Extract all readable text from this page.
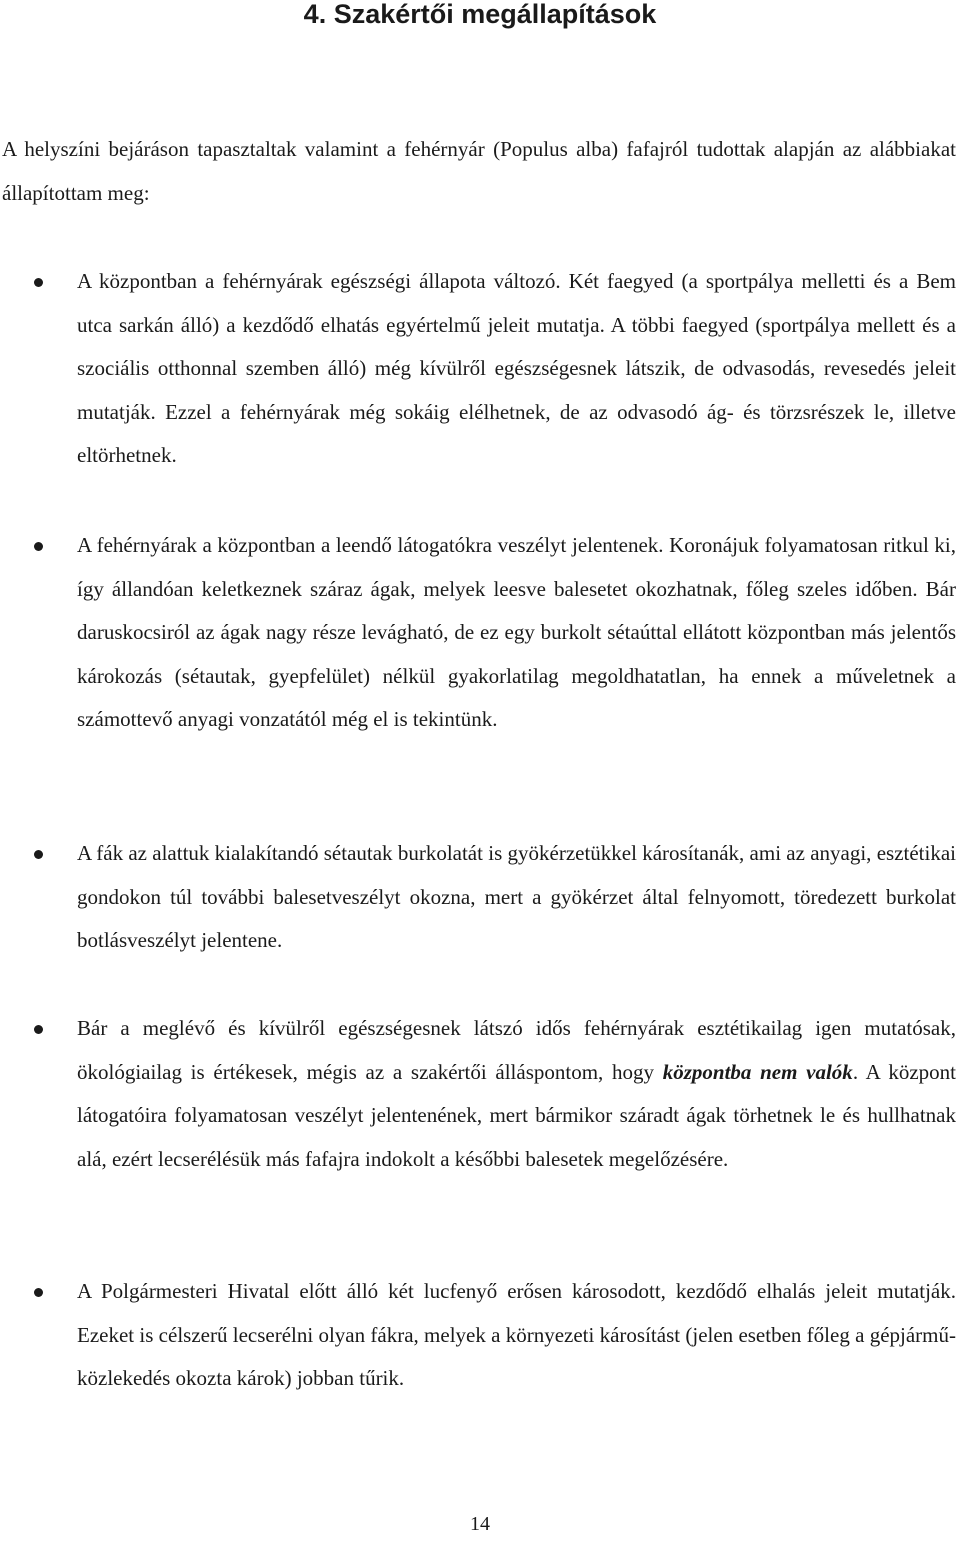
4. Szakértői megállapítások

A helyszíni bejáráson tapasztaltak valamint a fehérnyár (Populus alba) fafajról tudottak alapján az alábbiakat állapítottam meg:

A központban a fehérnyárak egészségi állapota változó. Két faegyed (a sportpálya melletti és a Bem utca sarkán álló) a kezdődő elhatás egyértelmű jeleit mutatja. A többi faegyed (sportpálya mellett és a szociális otthonnal szemben álló) még kívülről egészségesnek látszik, de odvasodás, revesedés jeleit mutatják. Ezzel a fehérnyárak még sokáig elélhetnek, de az odvasodó ág- és törzsrészek le, illetve eltörhetnek.

A fehérnyárak a központban a leendő látogatókra veszélyt jelentenek. Koronájuk folyamatosan ritkul ki, így állandóan keletkeznek száraz ágak, melyek leesve balesetet okozhatnak, főleg szeles időben. Bár daruskocsiról az ágak nagy része levágható, de ez egy burkolt sétaúttal ellátott központban más jelentős károkozás (sétautak, gyepfelület) nélkül gyakorlatilag megoldhatatlan, ha ennek a műveletnek a számottevő anyagi vonzatától még el is tekintünk.

A fák az alattuk kialakítandó sétautak burkolatát is gyökérzetükkel károsítanák, ami az anyagi, esztétikai gondokon túl további balesetveszélyt okozna, mert a gyökérzet által felnyomott, töredezett burkolat botlásveszélyt jelentene.

Bár a meglévő és kívülről egészségesnek látszó idős fehérnyárak esztétikailag igen mutatósak, ökológiailag is értékesek, mégis az a szakértői álláspontom, hogy központba nem valók. A központ látogatóira folyamatosan veszélyt jelentenének, mert bármikor száradt ágak törhetnek le és hullhatnak alá, ezért lecserélésük más fafajra indokolt a későbbi balesetek megelőzésére.

A Polgármesteri Hivatal előtt álló két lucfenyő erősen károsodott, kezdődő elhalás jeleit mutatják. Ezeket is célszerű lecserélni olyan fákra, melyek a környezeti károsítást (jelen esetben főleg a gépjármű-közlekedés okozta károk) jobban tűrik.

14
